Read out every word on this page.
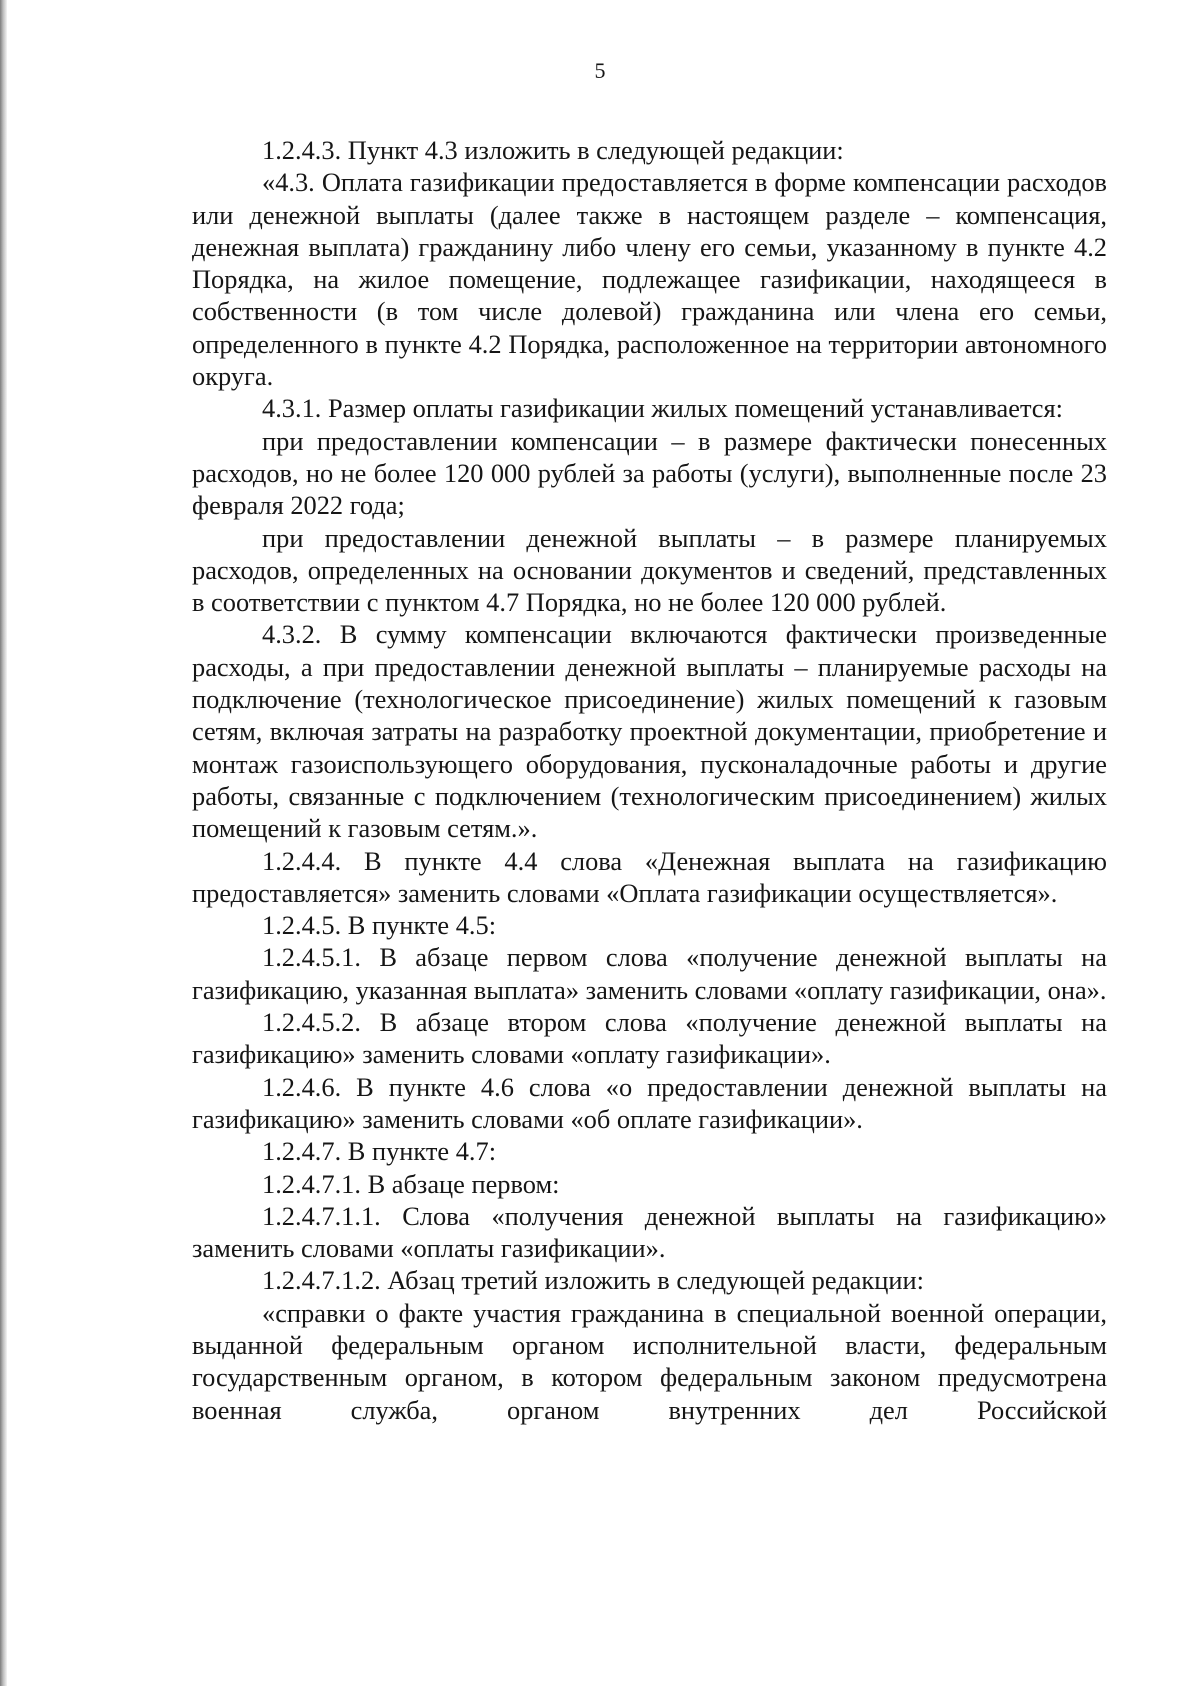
5

1.2.4.3. Пункт 4.3 изложить в следующей редакции:

«4.3. Оплата газификации предоставляется в форме компенсации расходов или денежной выплаты (далее также в настоящем разделе – компенсация, денежная выплата) гражданину либо члену его семьи, указанному в пункте 4.2 Порядка, на жилое помещение, подлежащее газификации, находящееся в собственности (в том числе долевой) гражданина или члена его семьи, определенного в пункте 4.2 Порядка, расположенное на территории автономного округа.

4.3.1. Размер оплаты газификации жилых помещений устанавливается:

при предоставлении компенсации – в размере фактически понесенных расходов, но не более 120 000 рублей за работы (услуги), выполненные после 23 февраля 2022 года;

при предоставлении денежной выплаты – в размере планируемых расходов, определенных на основании документов и сведений, представленных в соответствии с пунктом 4.7 Порядка, но не более 120 000 рублей.

4.3.2. В сумму компенсации включаются фактически произведенные расходы, а при предоставлении денежной выплаты – планируемые расходы на подключение (технологическое присоединение) жилых помещений к газовым сетям, включая затраты на разработку проектной документации, приобретение и монтаж газоиспользующего оборудования, пусконаладочные работы и другие работы, связанные с подключением (технологическим присоединением) жилых помещений к газовым сетям.».

1.2.4.4. В пункте 4.4 слова «Денежная выплата на газификацию предоставляется» заменить словами «Оплата газификации осуществляется».

1.2.4.5. В пункте 4.5:

1.2.4.5.1. В абзаце первом слова «получение денежной выплаты на газификацию, указанная выплата» заменить словами «оплату газификации, она».

1.2.4.5.2. В абзаце втором слова «получение денежной выплаты на газификацию» заменить словами «оплату газификации».

1.2.4.6. В пункте 4.6 слова «о предоставлении денежной выплаты на газификацию» заменить словами «об оплате газификации».

1.2.4.7. В пункте 4.7:

1.2.4.7.1. В абзаце первом:

1.2.4.7.1.1. Слова «получения денежной выплаты на газификацию» заменить словами «оплаты газификации».

1.2.4.7.1.2. Абзац третий изложить в следующей редакции:

«справки о факте участия гражданина в специальной военной операции, выданной федеральным органом исполнительной власти, федеральным государственным органом, в котором федеральным законом предусмотрена военная служба, органом внутренних дел Российской
